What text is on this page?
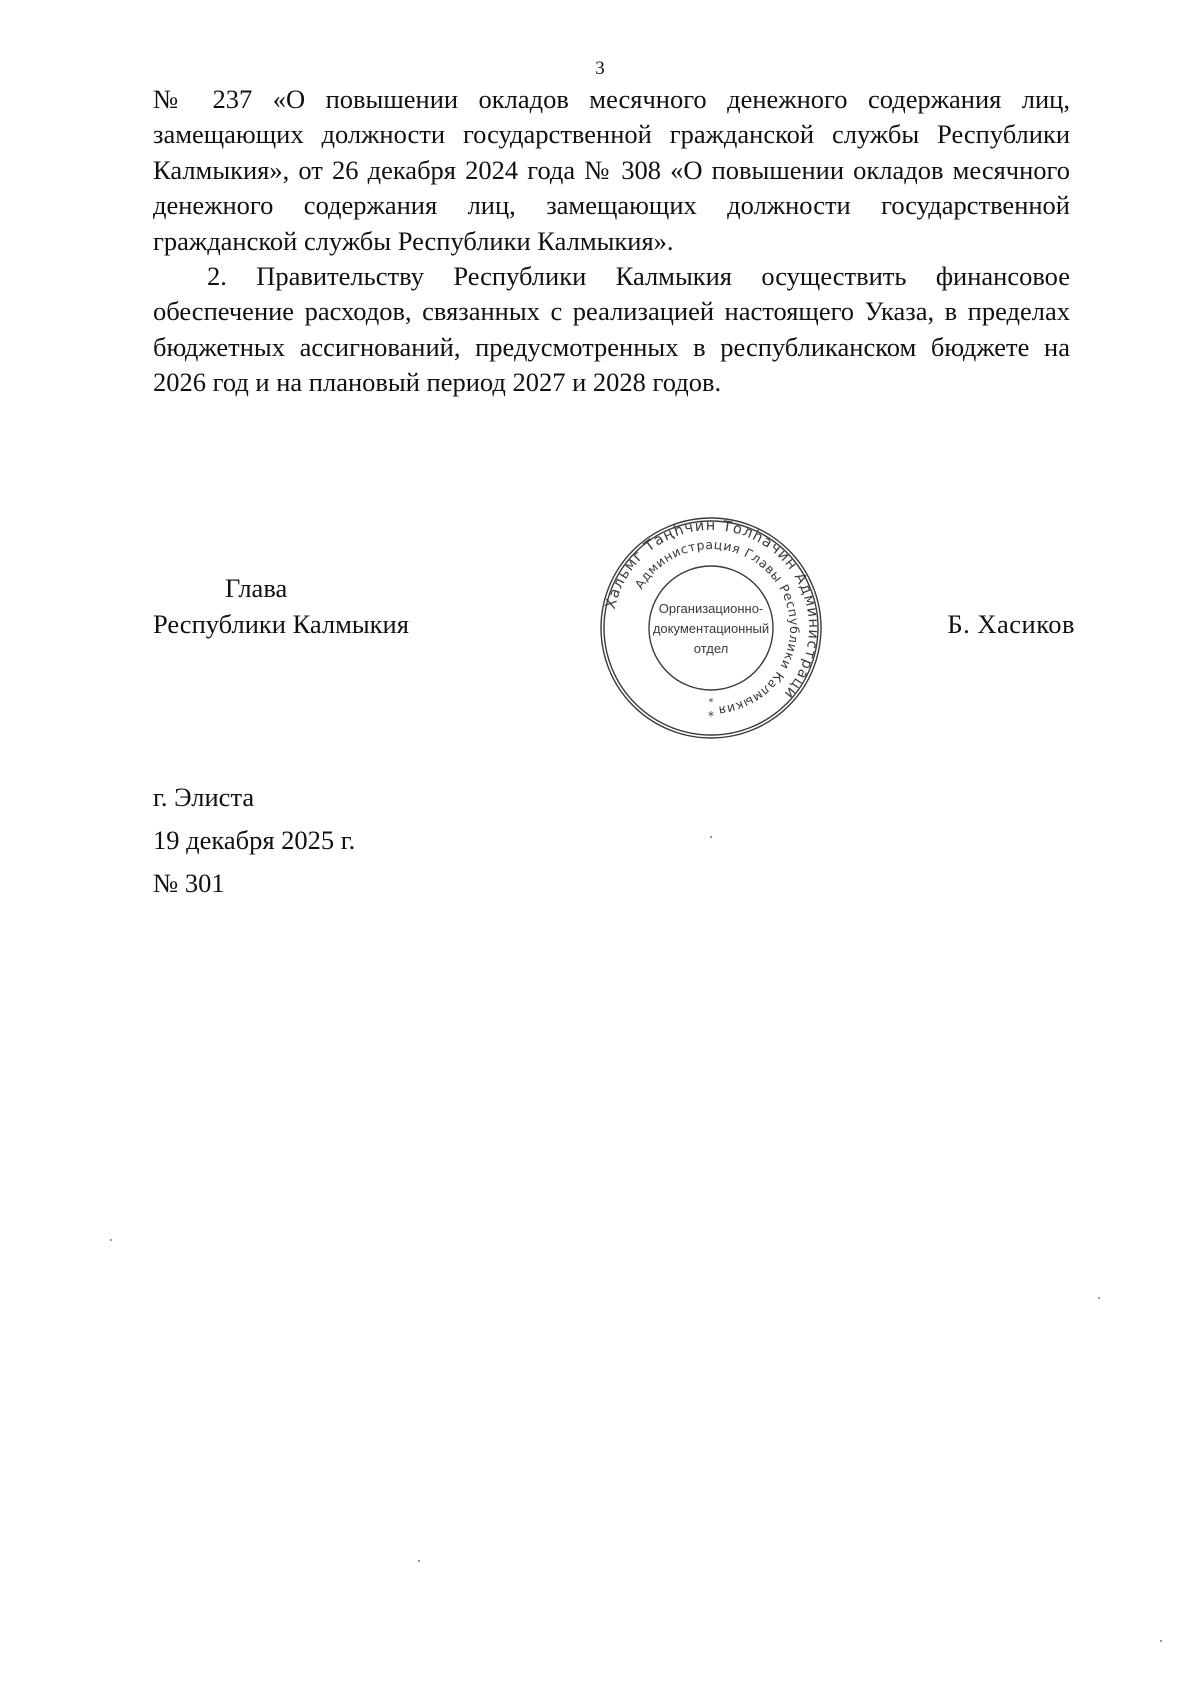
3

№ 237 «О повышении окладов месячного денежного содержания лиц, замещающих должности государственной гражданской службы Республики Калмыкия», от 26 декабря 2024 года № 308 «О повышении окладов месячного денежного содержания лиц, замещающих должности государственной гражданской службы Республики Калмыкия».

2. Правительству Республики Калмыкия осуществить финансовое обеспечение расходов, связанных с реализацией настоящего Указа, в пределах бюджетных ассигнований, предусмотренных в республиканском бюджете на 2026 год и на плановый период 2027 и 2028 годов.

Глава
Республики Калмыкия
Хальмг Таңһчин Толһачин Администраци
Администрация Главы Республики Калмыкия
Организационно-
документационный
отдел
*
*
Б. Хасиков
г. Элиста
19 декабря 2025 г.
№ 301
